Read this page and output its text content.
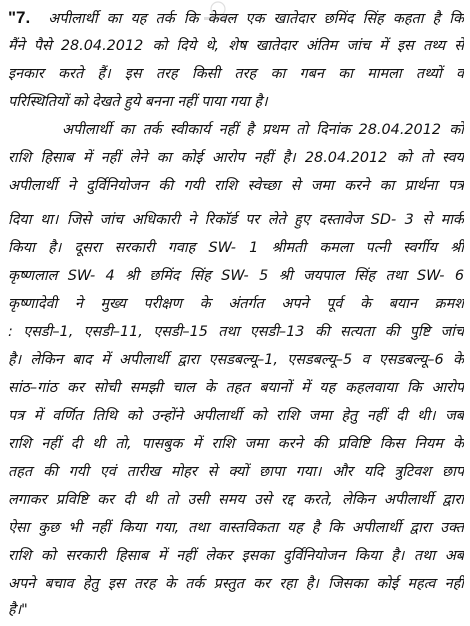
"7. अपीलार्थी का यह तर्क कि केवल एक खातेदार छमिंद सिंह कहता है कि
मैंने पैसे 28.04.2012 को दिये थे, शेष खातेदार अंतिम जांच में इस तथ्य से
इनकार करते हैं। इस तरह किसी तरह का गबन का मामला तथ्यों व
परिस्थितियों को देखते हुये बनना नहीं पाया गया है।
अपीलार्थी का तर्क स्वीकार्य नहीं है प्रथम तो दिनांक 28.04.2012 को
राशि हिसाब में नहीं लेने का कोई आरोप नहीं है। 28.04.2012 को तो स्वयं
अपीलार्थी ने दुर्विनियोजन की गयी राशि स्वेच्छा से जमा करने का प्रार्थना पत्र
दिया था। जिसे जांच अधिकारी ने रिकॉर्ड पर लेते हुए दस्तावेज SD- 3 से मार्क
किया है। दूसरा सरकारी गवाह SW- 1 श्रीमती कमला पत्नी स्वर्गीय श्री
कृष्णलाल SW- 4 श्री छमिंद सिंह SW- 5 श्री जयपाल सिंह तथा SW- 6
कृष्णादेवी ने मुख्य परीक्षण के अंतर्गत अपने पूर्व के बयान क्रमश
: एसडी–1, एसडी–11, एसडी–15 तथा एसडी–13 की सत्यता की पुष्टि जांच
है। लेकिन बाद में अपीलार्थी द्वारा एसडबल्यू–1, एसडबल्यू–5 व एसडबल्यू–6 के
सांठ–गांठ कर सोची समझी चाल के तहत बयानों में यह कहलवाया कि आरोप
पत्र में वर्णित तिथि को उन्होंने अपीलार्थी को राशि जमा हेतु नहीं दी थी। जब
राशि नहीं दी थी तो, पासबुक में राशि जमा करने की प्रविष्टि किस नियम के
तहत की गयी एवं तारीख मोहर से क्यों छापा गया। और यदि त्रुटिवश छाप
लगाकर प्रविष्टि कर दी थी तो उसी समय उसे रद्द करते, लेकिन अपीलार्थी द्वारा
ऐसा कुछ भी नहीं किया गया, तथा वास्तविकता यह है कि अपीलार्थी द्वारा उक्त
राशि को सरकारी हिसाब में नहीं लेकर इसका दुर्विनियोजन किया है। तथा अब
अपने बचाव हेतु इस तरह के तर्क प्रस्तुत कर रहा है। जिसका कोई महत्व नहीं
है।"
